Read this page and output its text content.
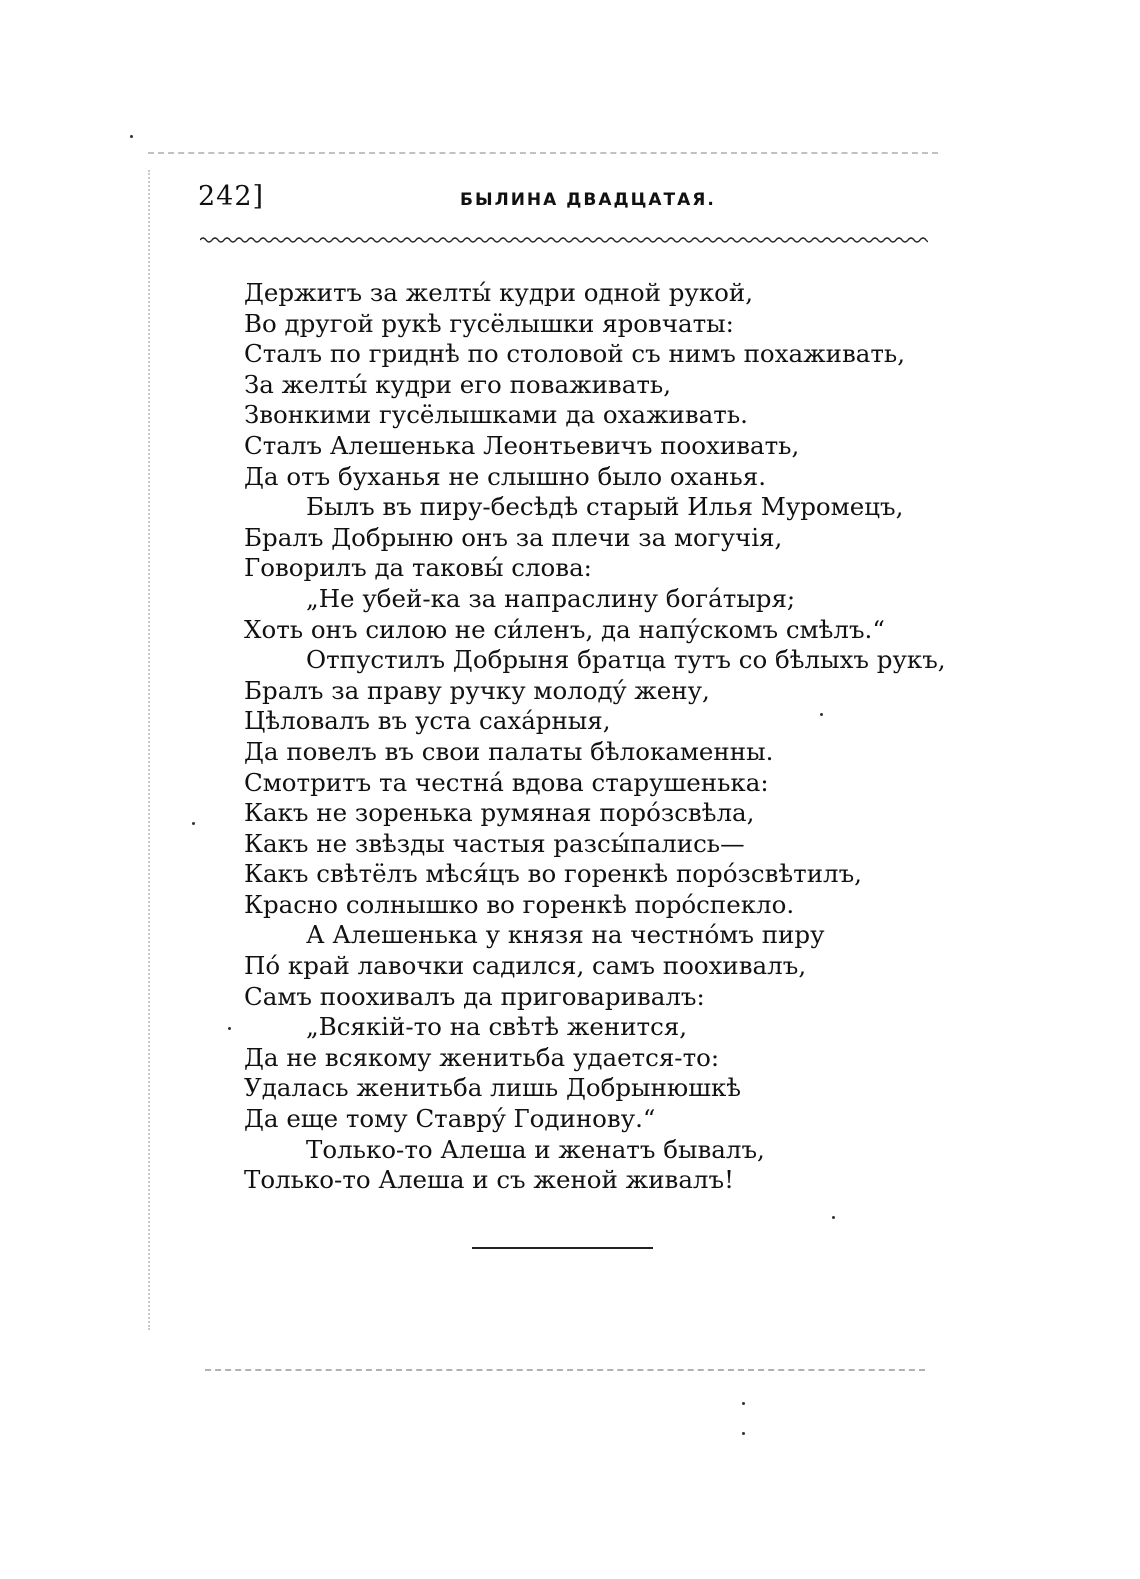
242]	БЫЛИНА ДВАДЦАТАЯ.
Держитъ за желты́ кудри одной рукой,
Во другой рукѣ гусёлышки яровчаты:
Сталъ по гриднѣ по столовой съ нимъ похаживать,
За желты́ кудри его поваживать,
Звонкими гусёлышками да охаживать.
Сталъ Алешенька Леонтьевичъ поохивать,
Да отъ буханья не слышно было оханья.
Былъ въ пиру-бесѣдѣ старый Илья Муромецъ,
Бралъ Добрыню онъ за плечи за могучія,
Говорилъ да таковы́ слова:
„Не убей-ка за напраслину богáтыря;
Хоть онъ силою не си́ленъ, да напýскомъ смѣлъ.“
Отпустилъ Добрыня братца тутъ со бѣлыхъ рукъ,
Бралъ за праву ручку молодý жену,
Цѣловалъ въ уста сахáрныя,
Да повелъ въ свои палаты бѣлокаменны.
Смотритъ та честнá вдова старушенька:
Какъ не зоренька румяная порóзсвѣла,
Какъ не звѣзды частыя разсы́пались—
Какъ свѣтёлъ мѣся́цъ во горенкѣ порóзсвѣтилъ,
Красно солнышко во горенкѣ порóспекло.
А Алешенька у князя на честнóмъ пиру
Пó край лавочки садился, самъ поохивалъ,
Самъ поохивалъ да приговаривалъ:
„Всякій-то на свѣтѣ женится,
Да не всякому женитьба удается-то:
Удалась женитьба лишь Добрынюшкѣ
Да еще тому Ставрý Годинову.“
Только-то Алеша и женатъ бывалъ,
Только-то Алеша и съ женой живалъ!
